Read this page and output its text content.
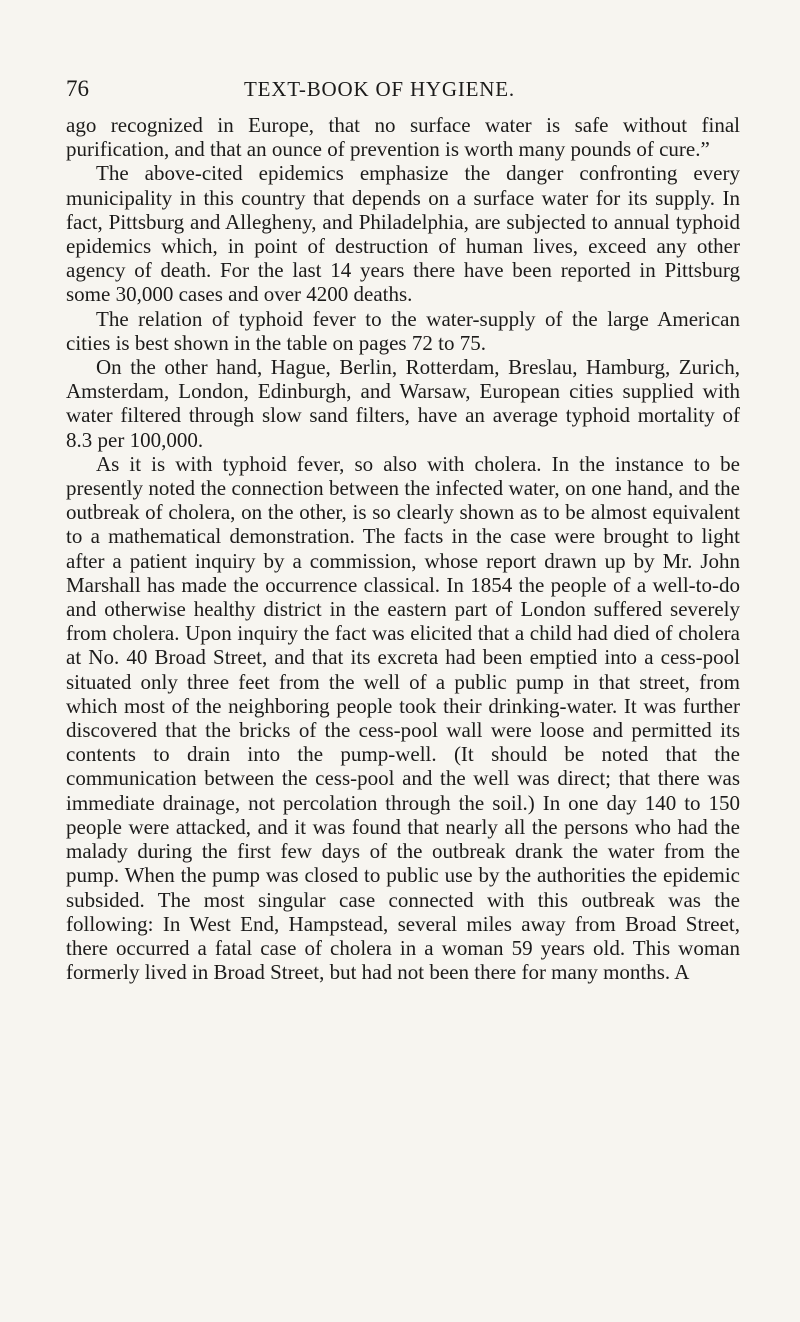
76	TEXT-BOOK OF HYGIENE.

ago recognized in Europe, that no surface water is safe without final purification, and that an ounce of prevention is worth many pounds of cure.”

The above-cited epidemics emphasize the danger confronting every municipality in this country that depends on a surface water for its supply. In fact, Pittsburg and Allegheny, and Philadelphia, are subjected to annual typhoid epidemics which, in point of destruction of human lives, exceed any other agency of death. For the last 14 years there have been reported in Pittsburg some 30,000 cases and over 4200 deaths.

The relation of typhoid fever to the water-supply of the large American cities is best shown in the table on pages 72 to 75.

On the other hand, Hague, Berlin, Rotterdam, Breslau, Hamburg, Zurich, Amsterdam, London, Edinburgh, and Warsaw, European cities supplied with water filtered through slow sand filters, have an average typhoid mortality of 8.3 per 100,000.

As it is with typhoid fever, so also with cholera. In the instance to be presently noted the connection between the infected water, on one hand, and the outbreak of cholera, on the other, is so clearly shown as to be almost equivalent to a mathematical demonstration. The facts in the case were brought to light after a patient inquiry by a commission, whose report drawn up by Mr. John Marshall has made the occurrence classical. In 1854 the people of a well-to-do and otherwise healthy district in the eastern part of London suffered severely from cholera. Upon inquiry the fact was elicited that a child had died of cholera at No. 40 Broad Street, and that its excreta had been emptied into a cess-pool situated only three feet from the well of a public pump in that street, from which most of the neighboring people took their drinking-water. It was further discovered that the bricks of the cess-pool wall were loose and permitted its contents to drain into the pump-well. (It should be noted that the communication between the cess-pool and the well was direct; that there was immediate drainage, not percolation through the soil.) In one day 140 to 150 people were attacked, and it was found that nearly all the persons who had the malady during the first few days of the outbreak drank the water from the pump. When the pump was closed to public use by the authorities the epidemic subsided. The most singular case connected with this outbreak was the following: In West End, Hampstead, several miles away from Broad Street, there occurred a fatal case of cholera in a woman 59 years old. This woman formerly lived in Broad Street, but had not been there for many months. A
